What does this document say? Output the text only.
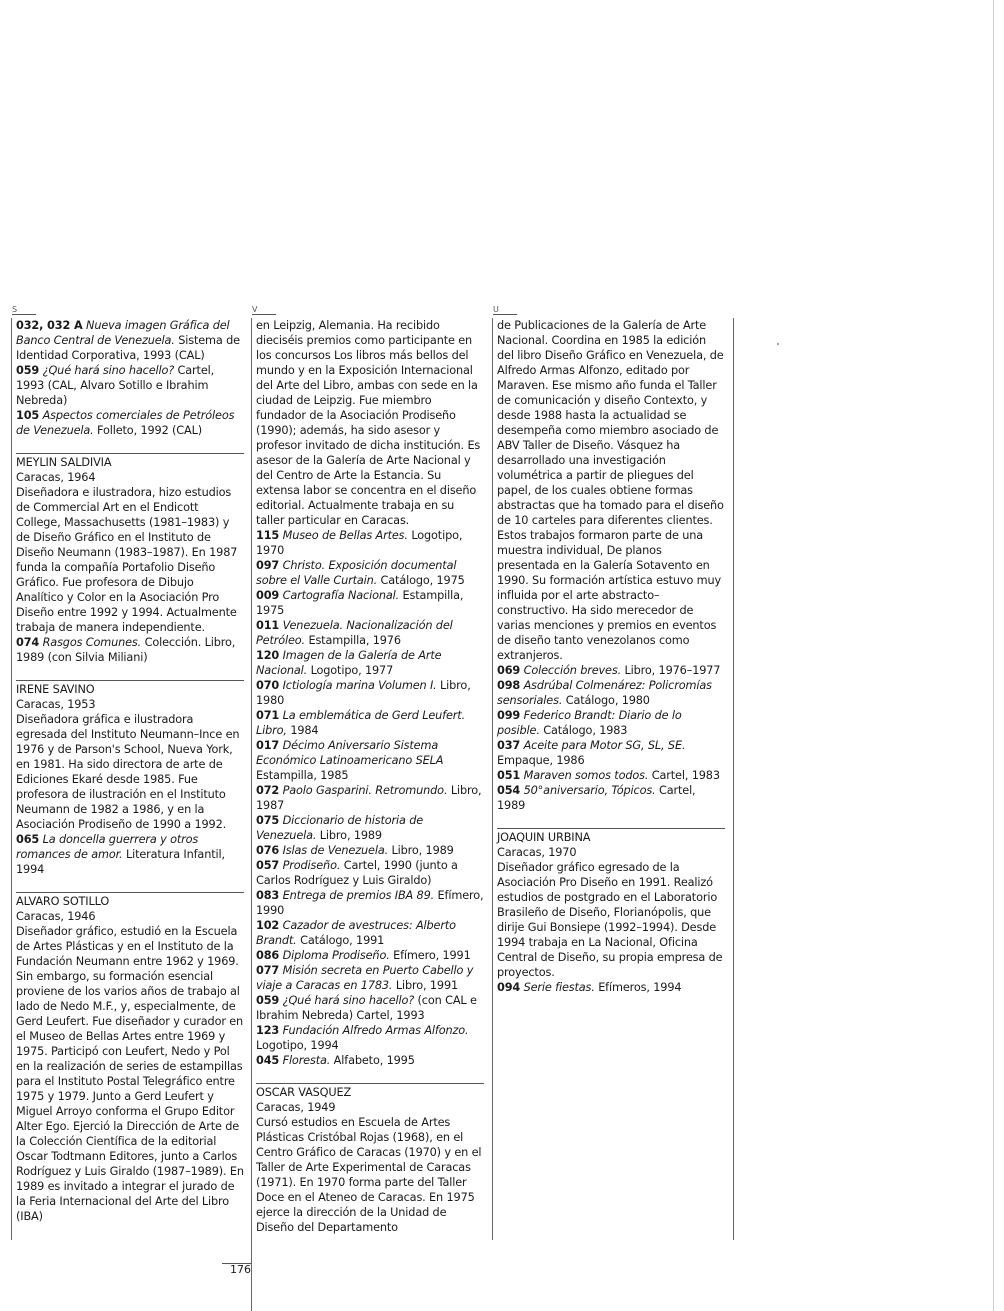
S
032, 032 A Nueva imagen Gráfica del Banco Central de Venezuela. Sistema de Identidad Corporativa, 1993 (CAL)
059 ¿Qué hará sino hacello? Cartel, 1993 (CAL, Alvaro Sotillo e Ibrahim Nebreda)
105 Aspectos comerciales de Petróleos de Venezuela. Folleto, 1992 (CAL)
MEYLIN SALDIVIA
Caracas, 1964
Diseñadora e ilustradora, hizo estudios de Commercial Art en el Endicott College, Massachusetts (1981–1983) y de Diseño Gráfico en el Instituto de Diseño Neumann (1983–1987). En 1987 funda la compañía Portafolio Diseño Gráfico. Fue profesora de Dibujo Analítico y Color en la Asociación Pro Diseño entre 1992 y 1994. Actualmente trabaja de manera independiente.
074 Rasgos Comunes. Colección. Libro, 1989 (con Silvia Miliani)
IRENE SAVINO
Caracas, 1953
Diseñadora gráfica e ilustradora egresada del Instituto Neumann–Ince en 1976 y de Parson's School, Nueva York, en 1981. Ha sido directora de arte de Ediciones Ekaré desde 1985. Fue profesora de ilustración en el Instituto Neumann de 1982 a 1986, y en la Asociación Prodiseño de 1990 a 1992.
065 La doncella guerrera y otros romances de amor. Literatura Infantil, 1994
ALVARO SOTILLO
Caracas, 1946
Diseñador gráfico, estudió en la Escuela de Artes Plásticas y en el Instituto de la Fundación Neumann entre 1962 y 1969. Sin embargo, su formación esencial proviene de los varios años de trabajo al lado de Nedo M.F., y, especialmente, de Gerd Leufert. Fue diseñador y curador en el Museo de Bellas Artes entre 1969 y 1975. Participó con Leufert, Nedo y Pol en la realización de series de estampillas para el Instituto Postal Telegráfico entre 1975 y 1979. Junto a Gerd Leufert y Miguel Arroyo conforma el Grupo Editor Alter Ego. Ejerció la Dirección de Arte de la Colección Científica de la editorial Oscar Todtmann Editores, junto a Carlos Rodríguez y Luis Giraldo (1987–1989). En 1989 es invitado a integrar el jurado de la Feria Internacional del Arte del Libro (IBA)
V
en Leipzig, Alemania. Ha recibido dieciséis premios como participante en los concursos Los libros más bellos del mundo y en la Exposición Internacional del Arte del Libro, ambas con sede en la ciudad de Leipzig. Fue miembro fundador de la Asociación Prodiseño (1990); además, ha sido asesor y profesor invitado de dicha institución. Es asesor de la Galería de Arte Nacional y del Centro de Arte la Estancia. Su extensa labor se concentra en el diseño editorial. Actualmente trabaja en su taller particular en Caracas.
115 Museo de Bellas Artes. Logotipo, 1970
097 Christo. Exposición documental sobre el Valle Curtain. Catálogo, 1975
009 Cartografía Nacional. Estampilla, 1975
011 Venezuela. Nacionalización del Petróleo. Estampilla, 1976
120 Imagen de la Galería de Arte Nacional. Logotipo, 1977
070 Ictiología marina Volumen I. Libro, 1980
071 La emblemática de Gerd Leufert. Libro, 1984
017 Décimo Aniversario Sistema Económico Latinoamericano SELA Estampilla, 1985
072 Paolo Gasparini. Retromundo. Libro, 1987
075 Diccionario de historia de Venezuela. Libro, 1989
076 Islas de Venezuela. Libro, 1989
057 Prodiseño. Cartel, 1990 (junto a Carlos Rodríguez y Luis Giraldo)
083 Entrega de premios IBA 89. Efímero, 1990
102 Cazador de avestruces: Alberto Brandt. Catálogo, 1991
086 Diploma Prodiseño. Efímero, 1991
077 Misión secreta en Puerto Cabello y viaje a Caracas en 1783. Libro, 1991
059 ¿Qué hará sino hacello? (con CAL e Ibrahim Nebreda) Cartel, 1993
123 Fundación Alfredo Armas Alfonzo. Logotipo, 1994
045 Floresta. Alfabeto, 1995
OSCAR VASQUEZ
Caracas, 1949
Cursó estudios en Escuela de Artes Plásticas Cristóbal Rojas (1968), en el Centro Gráfico de Caracas (1970) y en el Taller de Arte Experimental de Caracas (1971). En 1970 forma parte del Taller Doce en el Ateneo de Caracas. En 1975 ejerce la dirección de la Unidad de Diseño del Departamento
U
de Publicaciones de la Galería de Arte Nacional. Coordina en 1985 la edición del libro Diseño Gráfico en Venezuela, de Alfredo Armas Alfonzo, editado por Maraven. Ese mismo año funda el Taller de comunicación y diseño Contexto, y desde 1988 hasta la actualidad se desempeña como miembro asociado de ABV Taller de Diseño. Vásquez ha desarrollado una investigación volumétrica a partir de pliegues del papel, de los cuales obtiene formas abstractas que ha tomado para el diseño de 10 carteles para diferentes clientes. Estos trabajos formaron parte de una muestra individual, De planos presentada en la Galería Sotavento en 1990. Su formación artística estuvo muy influida por el arte abstracto–constructivo. Ha sido merecedor de varias menciones y premios en eventos de diseño tanto venezolanos como extranjeros.
069 Colección breves. Libro, 1976–1977
098 Asdrúbal Colmenárez: Policromías sensoriales. Catálogo, 1980
099 Federico Brandt: Diario de lo posible. Catálogo, 1983
037 Aceite para Motor SG, SL, SE. Empaque, 1986
051 Maraven somos todos. Cartel, 1983
054 50°aniversario, Tópicos. Cartel, 1989
JOAQUIN URBINA
Caracas, 1970
Diseñador gráfico egresado de la Asociación Pro Diseño en 1991. Realizó estudios de postgrado en el Laboratorio Brasileño de Diseño, Florianópolis, que dirije Gui Bonsiepe (1992–1994). Desde 1994 trabaja en La Nacional, Oficina Central de Diseño, su propia empresa de proyectos.
094 Serie fiestas. Efímeros, 1994
176
